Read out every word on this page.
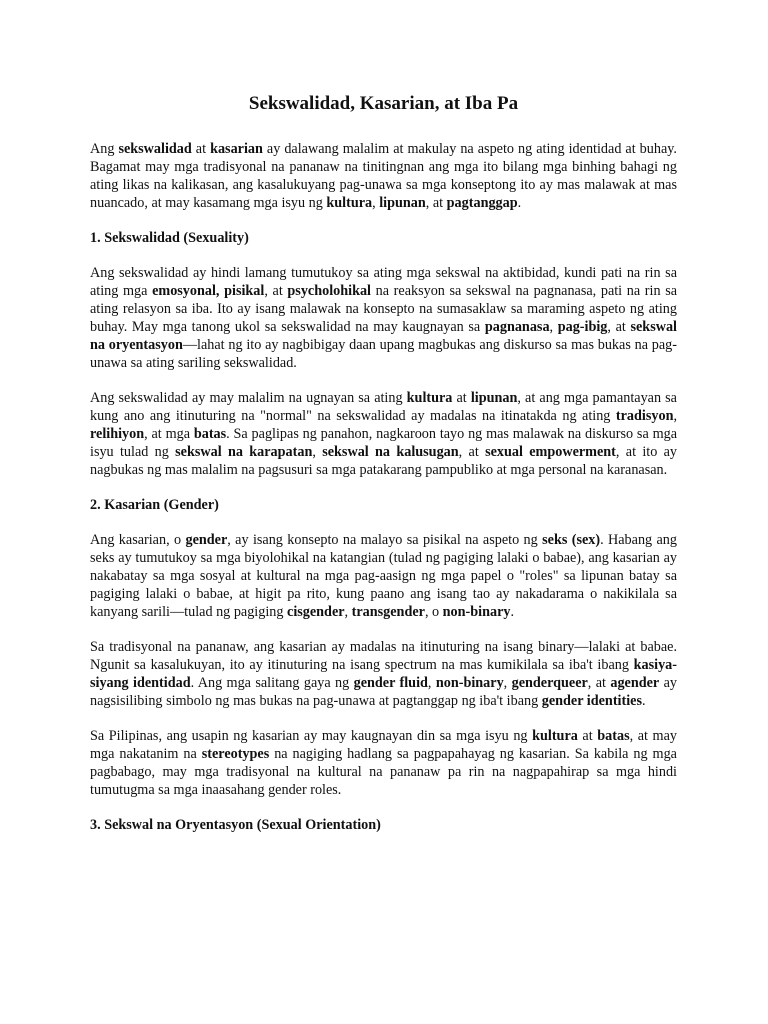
Sekswalidad, Kasarian, at Iba Pa

Ang sekswalidad at kasarian ay dalawang malalim at makulay na aspeto ng ating identidad at buhay. Bagamat may mga tradisyonal na pananaw na tinitingnan ang mga ito bilang mga binhing bahagi ng ating likas na kalikasan, ang kasalukuyang pag-unawa sa mga konseptong ito ay mas malawak at mas nuancado, at may kasamang mga isyu ng kultura, lipunan, at pagtanggap.

1. Sekswalidad (Sexuality)

Ang sekswalidad ay hindi lamang tumutukoy sa ating mga sekswal na aktibidad, kundi pati na rin sa ating mga emosyonal, pisikal, at psycholohikal na reaksyon sa sekswal na pagnanasa, pati na rin sa ating relasyon sa iba. Ito ay isang malawak na konsepto na sumasaklaw sa maraming aspeto ng ating buhay. May mga tanong ukol sa sekswalidad na may kaugnayan sa pagnanasa, pag-ibig, at sekswal na oryentasyon—lahat ng ito ay nagbibigay daan upang magbukas ang diskurso sa mas bukas na pag-unawa sa ating sariling sekswalidad.

Ang sekswalidad ay may malalim na ugnayan sa ating kultura at lipunan, at ang mga pamantayan sa kung ano ang itinuturing na "normal" na sekswalidad ay madalas na itinatakda ng ating tradisyon, relihiyon, at mga batas. Sa paglipas ng panahon, nagkaroon tayo ng mas malawak na diskurso sa mga isyu tulad ng sekswal na karapatan, sekswal na kalusugan, at sexual empowerment, at ito ay nagbukas ng mas malalim na pagsusuri sa mga patakarang pampubliko at mga personal na karanasan.

2. Kasarian (Gender)

Ang kasarian, o gender, ay isang konsepto na malayo sa pisikal na aspeto ng seks (sex). Habang ang seks ay tumutukoy sa mga biyolohikal na katangian (tulad ng pagiging lalaki o babae), ang kasarian ay nakabatay sa mga sosyal at kultural na mga pag-aasign ng mga papel o "roles" sa lipunan batay sa pagiging lalaki o babae, at higit pa rito, kung paano ang isang tao ay nakadarama o nakikilala sa kanyang sarili—tulad ng pagiging cisgender, transgender, o non-binary.

Sa tradisyonal na pananaw, ang kasarian ay madalas na itinuturing na isang binary—lalaki at babae. Ngunit sa kasalukuyan, ito ay itinuturing na isang spectrum na mas kumikilala sa iba't ibang kasiya-siyang identidad. Ang mga salitang gaya ng gender fluid, non-binary, genderqueer, at agender ay nagsisilibing simbolo ng mas bukas na pag-unawa at pagtanggap ng iba't ibang gender identities.

Sa Pilipinas, ang usapin ng kasarian ay may kaugnayan din sa mga isyu ng kultura at batas, at may mga nakatanim na stereotypes na nagiging hadlang sa pagpapahayag ng kasarian. Sa kabila ng mga pagbabago, may mga tradisyonal na kultural na pananaw pa rin na nagpapahirap sa mga hindi tumutugma sa mga inaasahang gender roles.

3. Sekswal na Oryentasyon (Sexual Orientation)
